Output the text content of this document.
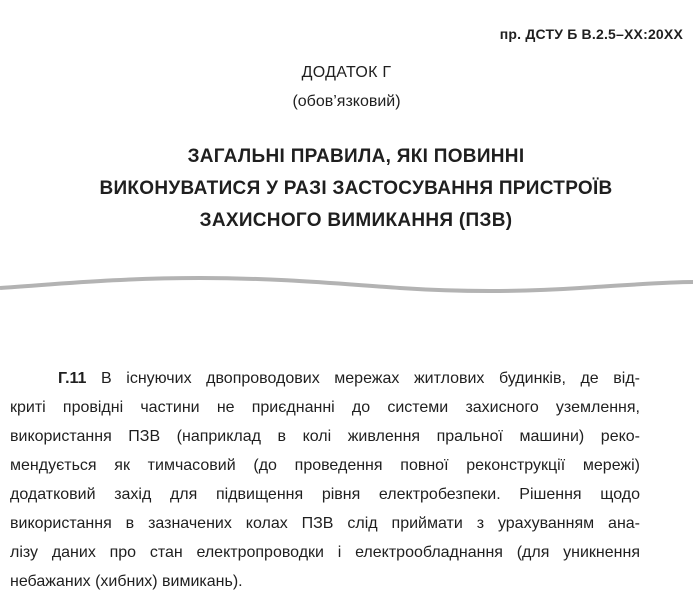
пр. ДСТУ Б В.2.5–ХХ:20ХХ
ДОДАТОК Г
(обов’язковий)
ЗАГАЛЬНІ ПРАВИЛА, ЯКІ ПОВИННІ
ВИКОНУВАТИСЯ У РАЗІ ЗАСТОСУВАННЯ ПРИСТРОЇВ
ЗАХИСНОГО ВИМИКАННЯ (ПЗВ)
Г.11 В існуючих двопроводових мережах житлових будинків, де від-
криті провідні частини не приєднанні до системи захисного уземлення,
використання ПЗВ (наприклад в колі живлення пральної машини) реко-
мендується як тимчасовий (до проведення повної реконструкції мережі)
додатковий захід для підвищення рівня електробезпеки. Рішення щодо
використання в зазначених колах ПЗВ слід приймати з урахуванням ана-
лізу даних про стан електропроводки і електрообладнання (для уникнення
небажаних (хибних) вимикань).
